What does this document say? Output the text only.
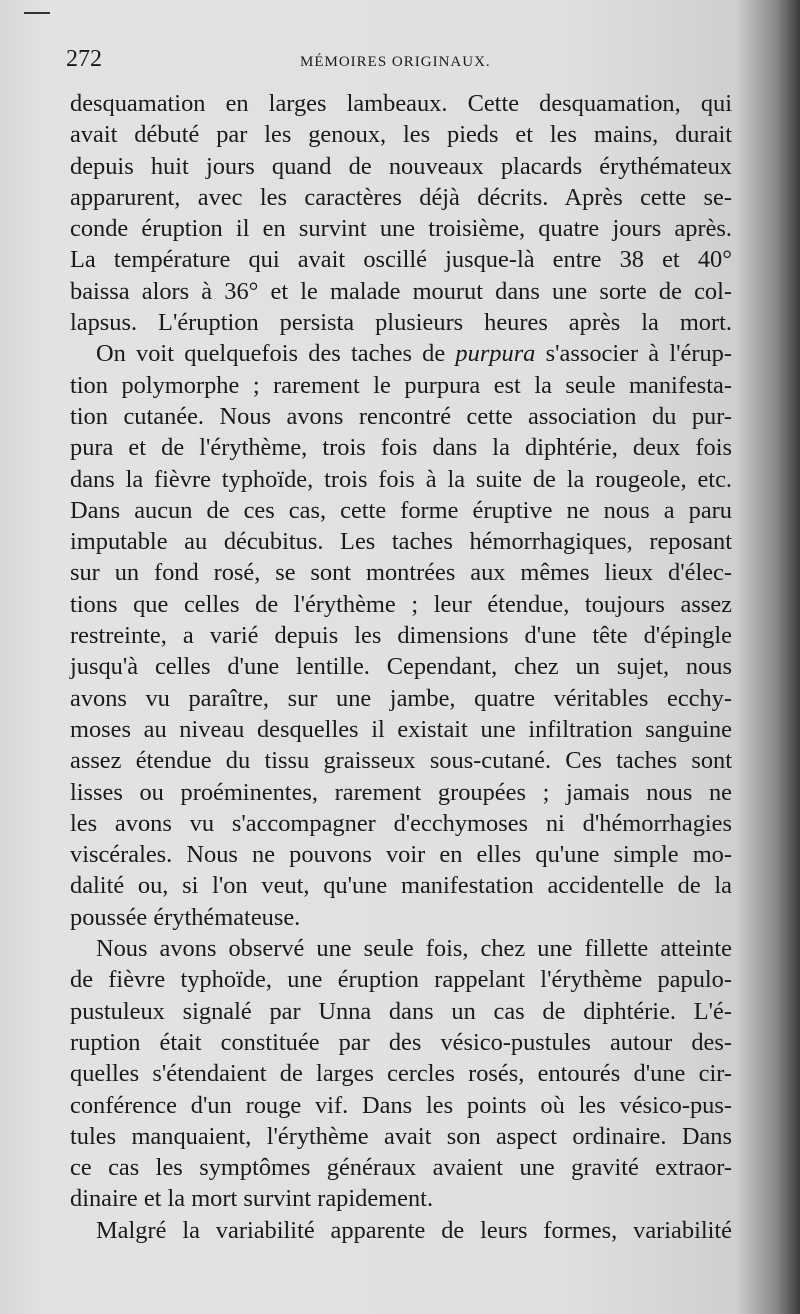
272	MÉMOIRES ORIGINAUX.
desquamation en larges lambeaux. Cette desquamation, qui
avait débuté par les genoux, les pieds et les mains, durait
depuis huit jours quand de nouveaux placards érythémateux
apparurent, avec les caractères déjà décrits. Après cette se-
conde éruption il en survint une troisième, quatre jours après.
La température qui avait oscillé jusque-là entre 38 et 40°
baissa alors à 36° et le malade mourut dans une sorte de col-
lapsus. L'éruption persista plusieurs heures après la mort.
On voit quelquefois des taches de purpura s'associer à l'érup-
tion polymorphe ; rarement le purpura est la seule manifesta-
tion cutanée. Nous avons rencontré cette association du pur-
pura et de l'érythème, trois fois dans la diphtérie, deux fois
dans la fièvre typhoïde, trois fois à la suite de la rougeole, etc.
Dans aucun de ces cas, cette forme éruptive ne nous a paru
imputable au décubitus. Les taches hémorrhagiques, reposant
sur un fond rosé, se sont montrées aux mêmes lieux d'élec-
tions que celles de l'érythème ; leur étendue, toujours assez
restreinte, a varié depuis les dimensions d'une tête d'épingle
jusqu'à celles d'une lentille. Cependant, chez un sujet, nous
avons vu paraître, sur une jambe, quatre véritables ecchy-
moses au niveau desquelles il existait une infiltration sanguine
assez étendue du tissu graisseux sous-cutané. Ces taches sont
lisses ou proéminentes, rarement groupées ; jamais nous ne
les avons vu s'accompagner d'ecchymoses ni d'hémorrhagies
viscérales. Nous ne pouvons voir en elles qu'une simple mo-
dalité ou, si l'on veut, qu'une manifestation accidentelle de la
poussée érythémateuse.
Nous avons observé une seule fois, chez une fillette atteinte
de fièvre typhoïde, une éruption rappelant l'érythème papulo-
pustuleux signalé par Unna dans un cas de diphtérie. L'é-
ruption était constituée par des vésico-pustules autour des-
quelles s'étendaient de larges cercles rosés, entourés d'une cir-
conférence d'un rouge vif. Dans les points où les vésico-pus-
tules manquaient, l'érythème avait son aspect ordinaire. Dans
ce cas les symptômes généraux avaient une gravité extraor-
dinaire et la mort survint rapidement.
Malgré la variabilité apparente de leurs formes, variabilité
